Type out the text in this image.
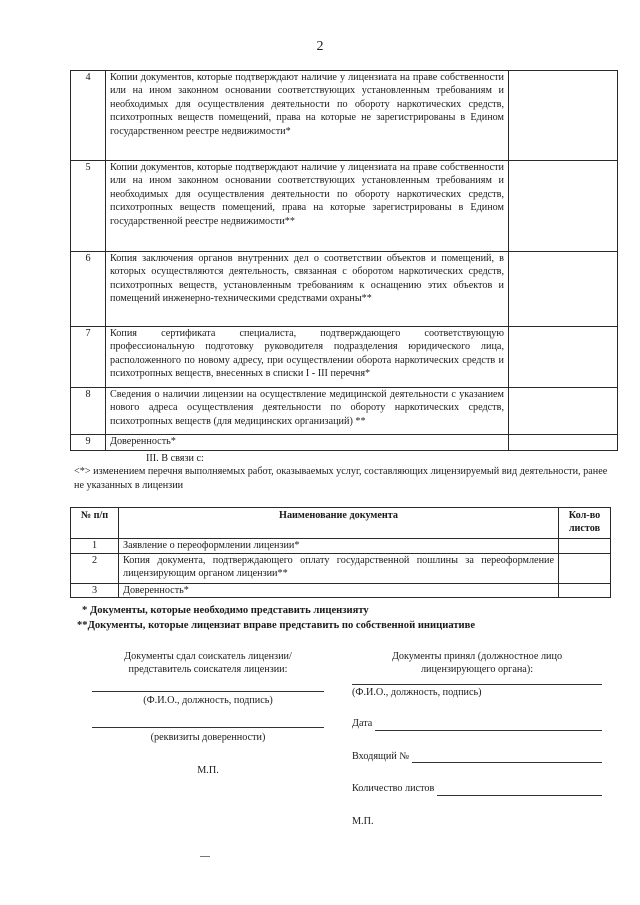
2
4	Копии документов, которые подтверждают наличие у лицензиата на праве собственности или на ином законном основании соответствующих установленным требованиям и необходимых для осуществления деятельности по обороту наркотических средств, психотропных веществ помещений, права на которые не зарегистрированы в Едином государственном реестре недвижимости*	
5	Копии документов, которые подтверждают наличие у лицензиата на праве собственности или на ином законном основании соответствующих установленным требованиям и необходимых для осуществления деятельности по обороту наркотических средств, психотропных веществ помещений, права на которые зарегистрированы в Едином государственной реестре недвижимости**	
6	Копия заключения органов внутренних дел о соответствии объектов и помещений, в которых осуществляются деятельность, связанная с оборотом наркотических средств, психотропных веществ, установленным требованиям к оснащению этих объектов и помещений инженерно-техническими средствами охраны**	
7	Копия сертификата специалиста, подтверждающего соответствующую профессиональную подготовку руководителя подразделения юридического лица, расположенного по новому адресу, при осуществлении оборота наркотических средств и психотропных веществ, внесенных в списки I - III перечня*	
8	Сведения о наличии лицензии на осуществление медицинской деятельности с указанием нового адреса осуществления деятельности по обороту наркотических средств, психотропных веществ (для медицинских организаций) **	
9	Доверенность*	
III. В связи с:
<*> изменением перечня выполняемых работ, оказываемых услуг, составляющих лицензируемый вид деятельности, ранее не указанных в лицензии
№ п/п	Наименование документа	Кол-во листов
1	Заявление о переоформлении лицензии*	
2	Копия документа, подтверждающего оплату государственной пошлины за переоформление лицензирующим органом лицензии**	
3	Доверенность*	
* Документы, которые необходимо представить лицензияту
**Документы, которые лицензиат вправе представить по собственной инициативе
Документы сдал соискатель лицензии/ представитель соискателя лицензии:
(Ф.И.О., должность, подпись)
(реквизиты доверенности)
М.П.
Документы принял (должностное лицо лицензирующего органа):
(Ф.И.О., должность, подпись)
Дата
Входящий №
Количество листов
М.П.
